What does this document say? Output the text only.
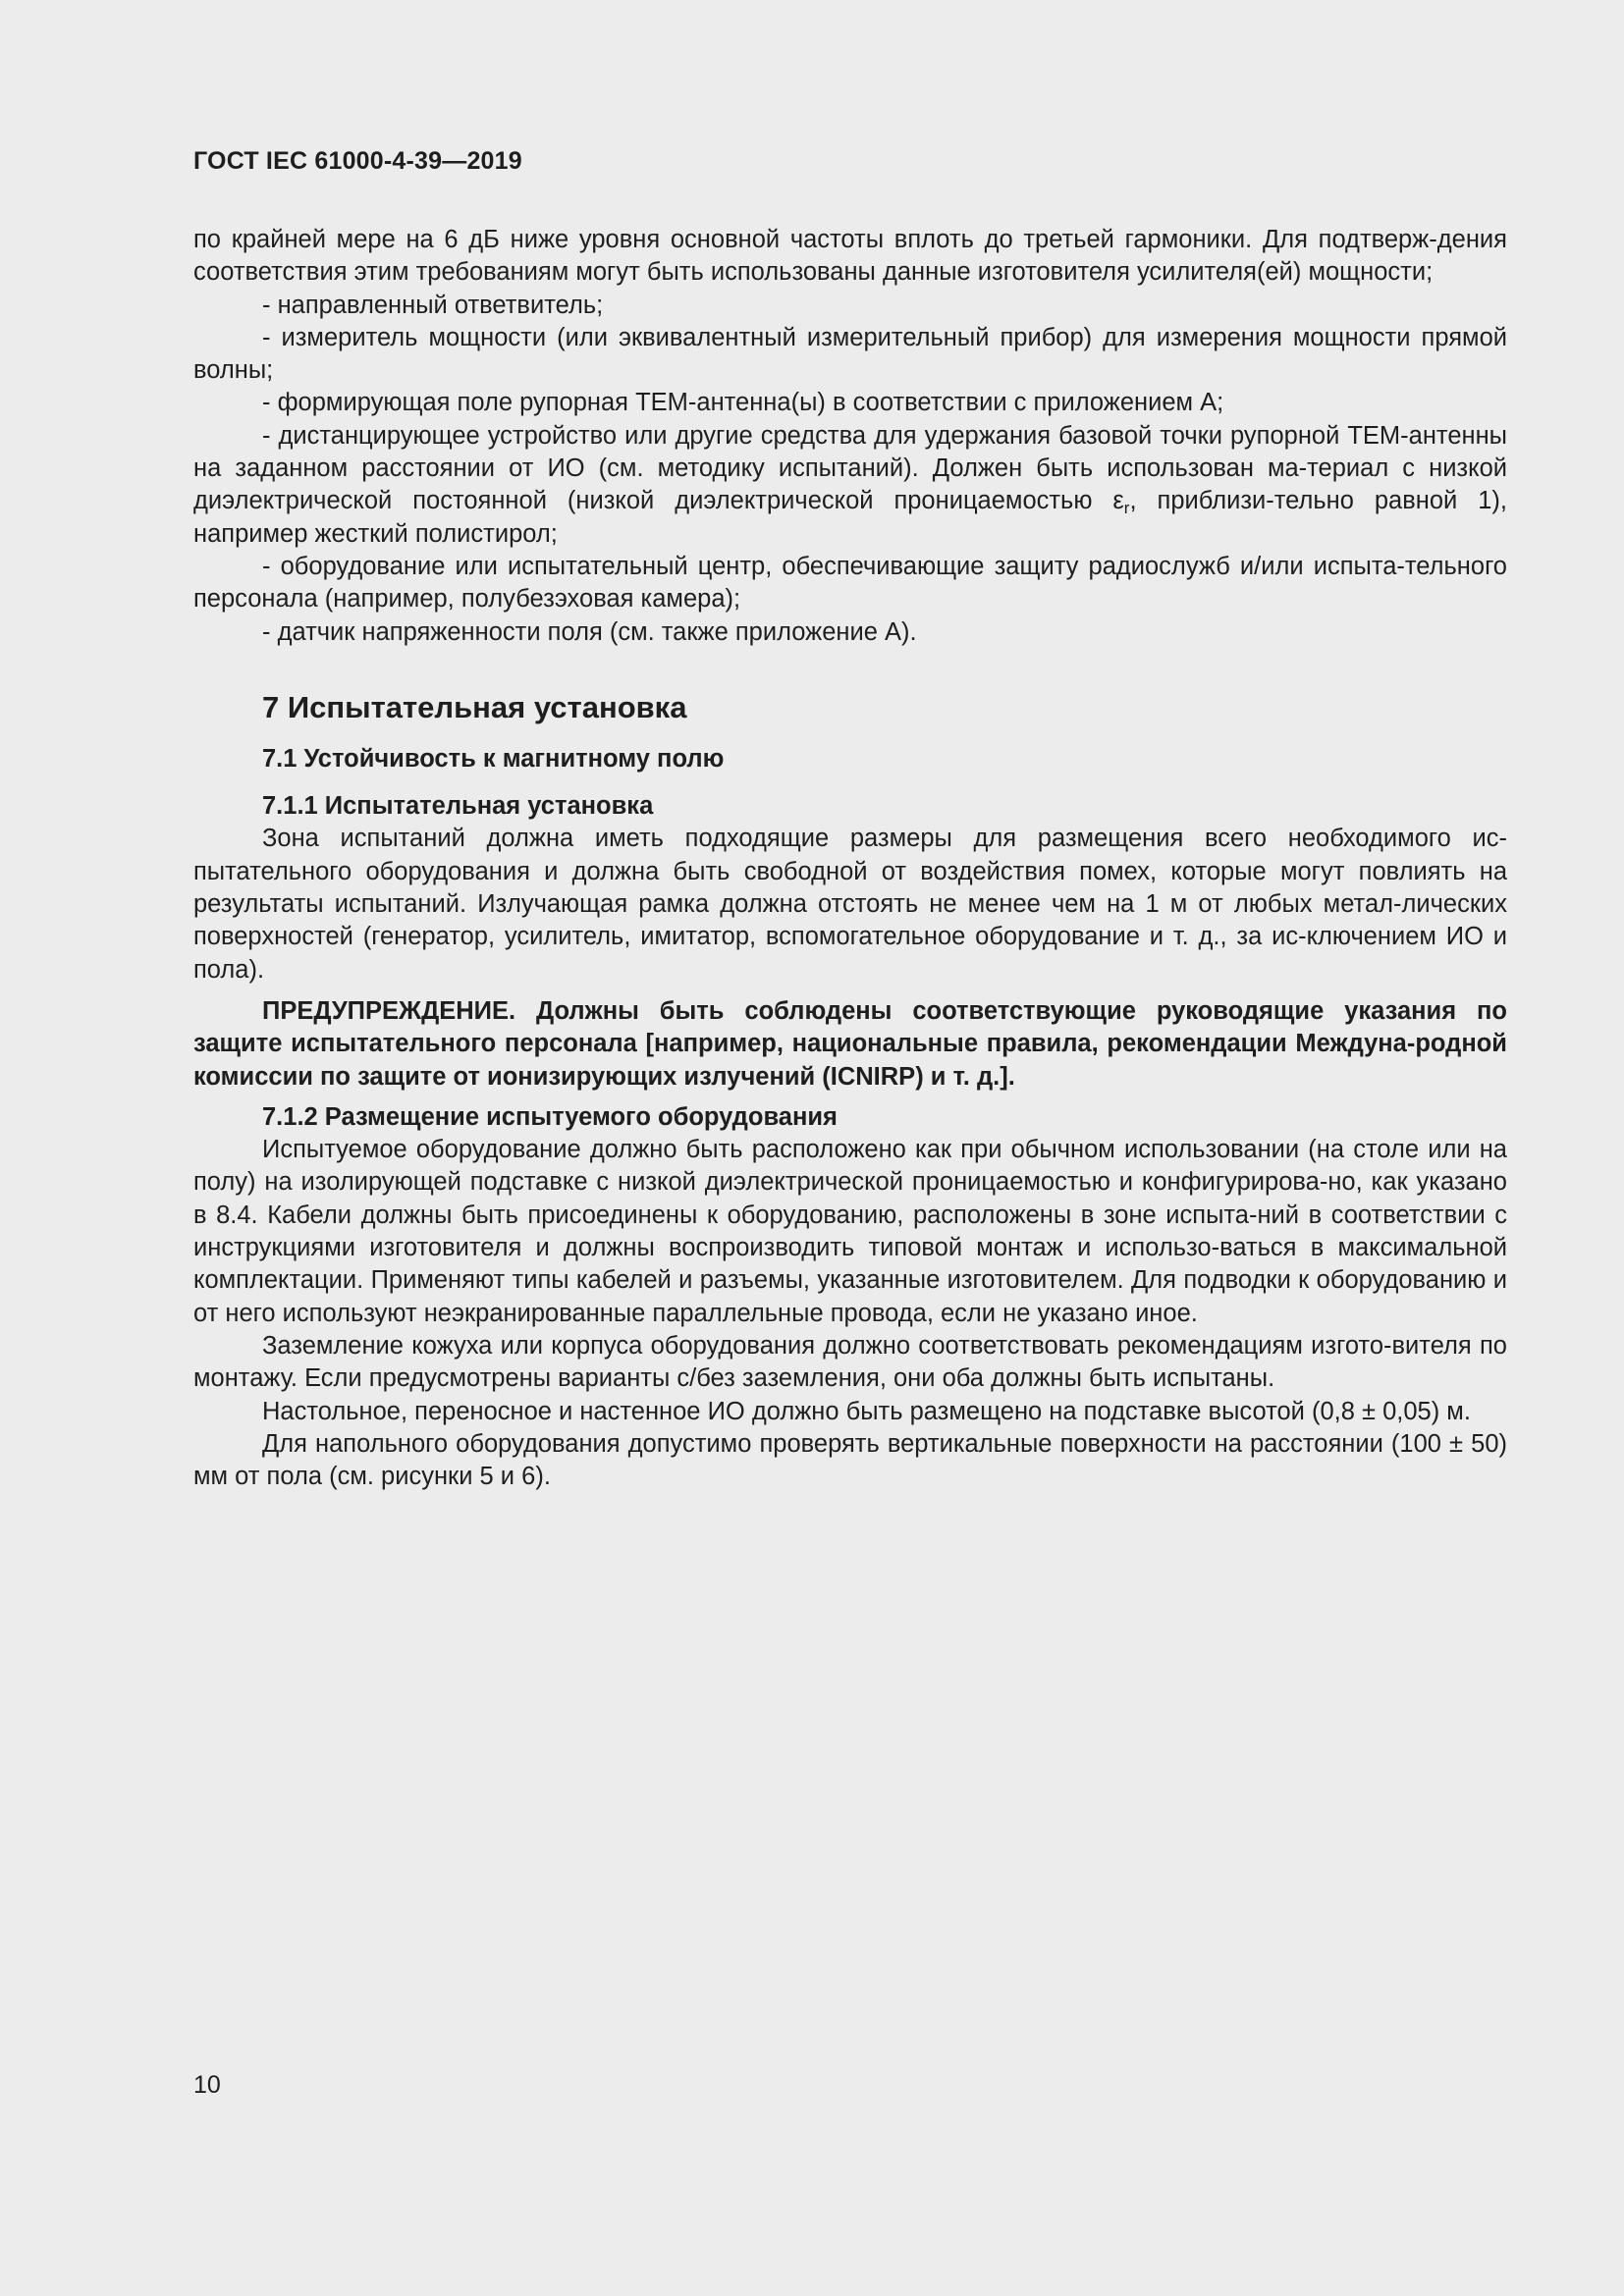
ГОСТ IEC 61000-4-39—2019

по крайней мере на 6 дБ ниже уровня основной частоты вплоть до третьей гармоники. Для подтверж-дения соответствия этим требованиям могут быть использованы данные изготовителя усилителя(ей) мощности;

- направленный ответвитель;

- измеритель мощности (или эквивалентный измерительный прибор) для измерения мощности прямой волны;

- формирующая поле рупорная ТЕМ-антенна(ы) в соответствии с приложением А;

- дистанцирующее устройство или другие средства для удержания базовой точки рупорной ТЕМ-антенны на заданном расстоянии от ИО (см. методику испытаний). Должен быть использован ма-териал с низкой диэлектрической постоянной (низкой диэлектрической проницаемостью $\varepsilon_r$, приблизи-тельно равной 1), например жесткий полистирол;

- оборудование или испытательный центр, обеспечивающие защиту радиослужб и/или испыта-тельного персонала (например, полубезэховая камера);

- датчик напряженности поля (см. также приложение А).

7 Испытательная установка

7.1 Устойчивость к магнитному полю

7.1.1 Испытательная установка

Зона испытаний должна иметь подходящие размеры для размещения всего необходимого ис-пытательного оборудования и должна быть свободной от воздействия помех, которые могут повлиять на результаты испытаний. Излучающая рамка должна отстоять не менее чем на 1 м от любых метал-лических поверхностей (генератор, усилитель, имитатор, вспомогательное оборудование и т. д., за ис-ключением ИО и пола).

ПРЕДУПРЕЖДЕНИЕ. Должны быть соблюдены соответствующие руководящие указания по защите испытательного персонала [например, национальные правила, рекомендации Междуна-родной комиссии по защите от ионизирующих излучений (ICNIRP) и т. д.].

7.1.2 Размещение испытуемого оборудования

Испытуемое оборудование должно быть расположено как при обычном использовании (на столе или на полу) на изолирующей подставке с низкой диэлектрической проницаемостью и конфигурирова-но, как указано в 8.4. Кабели должны быть присоединены к оборудованию, расположены в зоне испыта-ний в соответствии с инструкциями изготовителя и должны воспроизводить типовой монтаж и использо-ваться в максимальной комплектации. Применяют типы кабелей и разъемы, указанные изготовителем. Для подводки к оборудованию и от него используют неэкранированные параллельные провода, если не указано иное.

Заземление кожуха или корпуса оборудования должно соответствовать рекомендациям изгото-вителя по монтажу. Если предусмотрены варианты с/без заземления, они оба должны быть испытаны.

Настольное, переносное и настенное ИО должно быть размещено на подставке высотой (0,8 ± 0,05) м.

Для напольного оборудования допустимо проверять вертикальные поверхности на расстоянии (100 ± 50) мм от пола (см. рисунки 5 и 6).

10
